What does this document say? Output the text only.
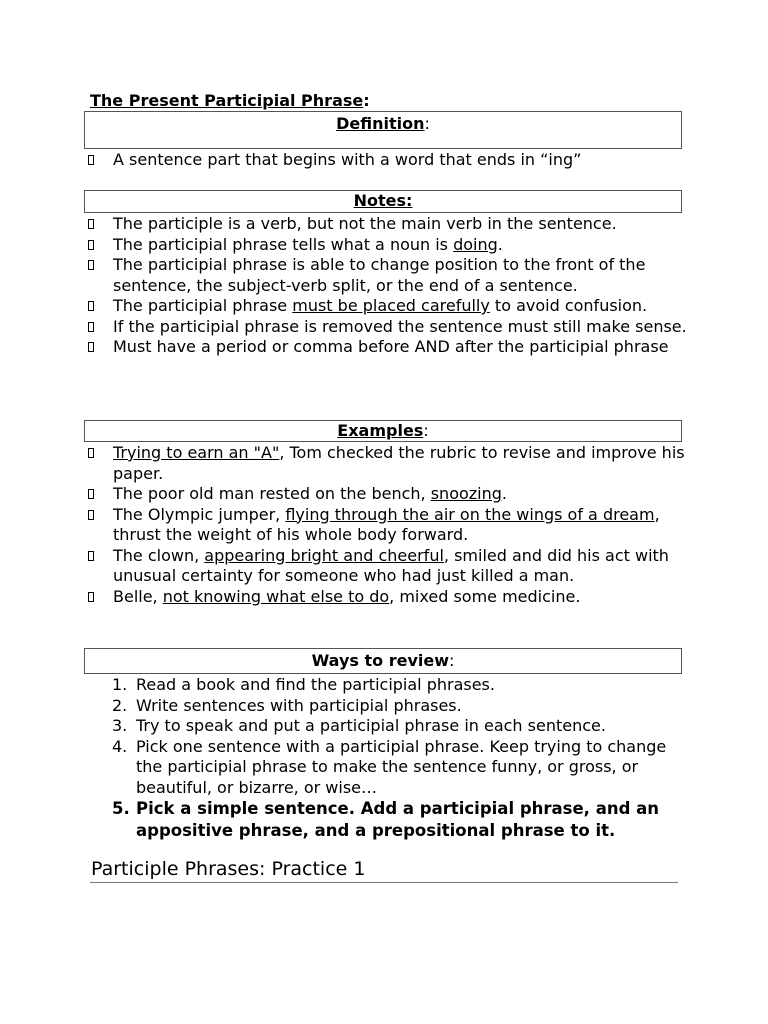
The Present Participial Phrase:
Definition:
A sentence part that begins with a word that ends in “ing”
Notes:
The participle is a verb, but not the main verb in the sentence.
The participial phrase tells what a noun is doing.
The participial phrase is able to change position to the front of the sentence, the subject-verb split, or the end of a sentence.
The participial phrase must be placed carefully to avoid confusion.
If the participial phrase is removed the sentence must still make sense.
Must have a period or comma before AND after the participial phrase
Examples:
Trying to earn an "A", Tom checked the rubric to revise and improve his paper.
The poor old man rested on the bench, snoozing.
The Olympic jumper, flying through the air on the wings of a dream, thrust the weight of his whole body forward.
The clown, appearing bright and cheerful, smiled and did his act with unusual certainty for someone who had just killed a man.
Belle, not knowing what else to do, mixed some medicine.
Ways to review:
1. Read a book and find the participial phrases.
2. Write sentences with participial phrases.
3. Try to speak and put a participial phrase in each sentence.
4. Pick one sentence with a participial phrase. Keep trying to change the participial phrase to make the sentence funny, or gross, or beautiful, or bizarre, or wise…
5. Pick a simple sentence. Add a participial phrase, and an appositive phrase, and a prepositional phrase to it.
Participle Phrases: Practice 1
